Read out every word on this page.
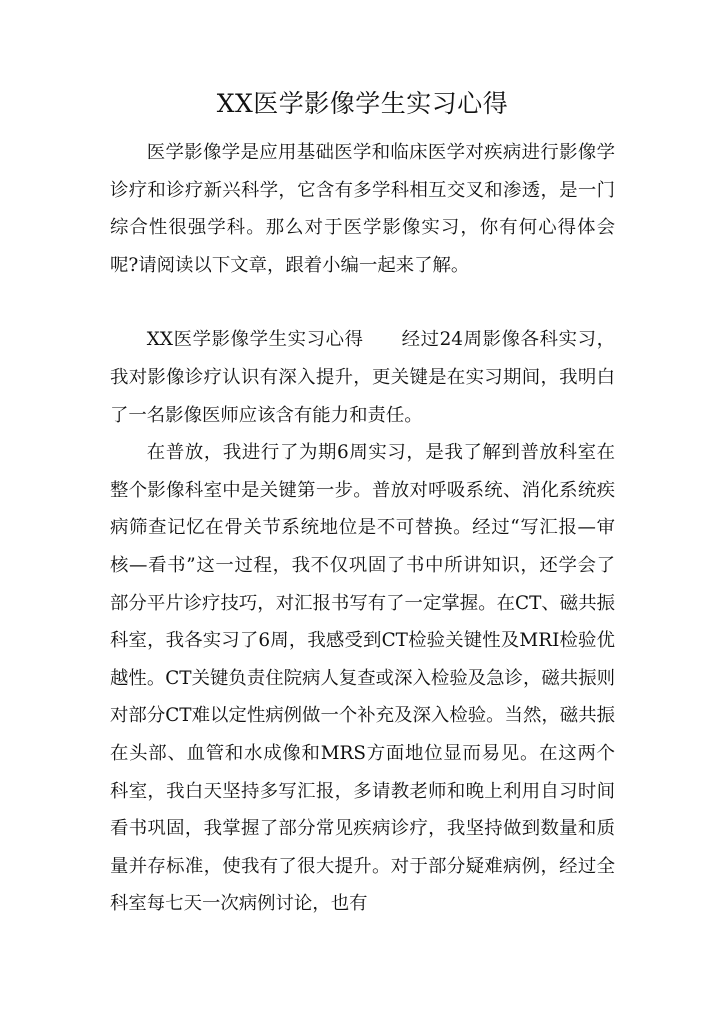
XX医学影像学生实习心得

医学影像学是应用基础医学和临床医学对疾病进行影像学诊疗和诊疗新兴科学，它含有多学科相互交叉和渗透，是一门综合性很强学科。那么对于医学影像实习，你有何心得体会呢?请阅读以下文章，跟着小编一起来了解。

XX医学影像学生实习心得　　经过24周影像各科实习，我对影像诊疗认识有深入提升，更关键是在实习期间，我明白了一名影像医师应该含有能力和责任。

在普放，我进行了为期6周实习，是我了解到普放科室在整个影像科室中是关键第一步。普放对呼吸系统、消化系统疾病筛查记忆在骨关节系统地位是不可替换。经过“写汇报—审核—看书”这一过程，我不仅巩固了书中所讲知识，还学会了部分平片诊疗技巧，对汇报书写有了一定掌握。在CT、磁共振科室，我各实习了6周，我感受到CT检验关键性及MRI检验优越性。CT关键负责住院病人复查或深入检验及急诊，磁共振则对部分CT难以定性病例做一个补充及深入检验。当然，磁共振在头部、血管和水成像和MRS方面地位显而易见。在这两个科室，我白天坚持多写汇报，多请教老师和晚上利用自习时间看书巩固，我掌握了部分常见疾病诊疗，我坚持做到数量和质量并存标准，使我有了很大提升。对于部分疑难病例，经过全科室每七天一次病例讨论，也有
